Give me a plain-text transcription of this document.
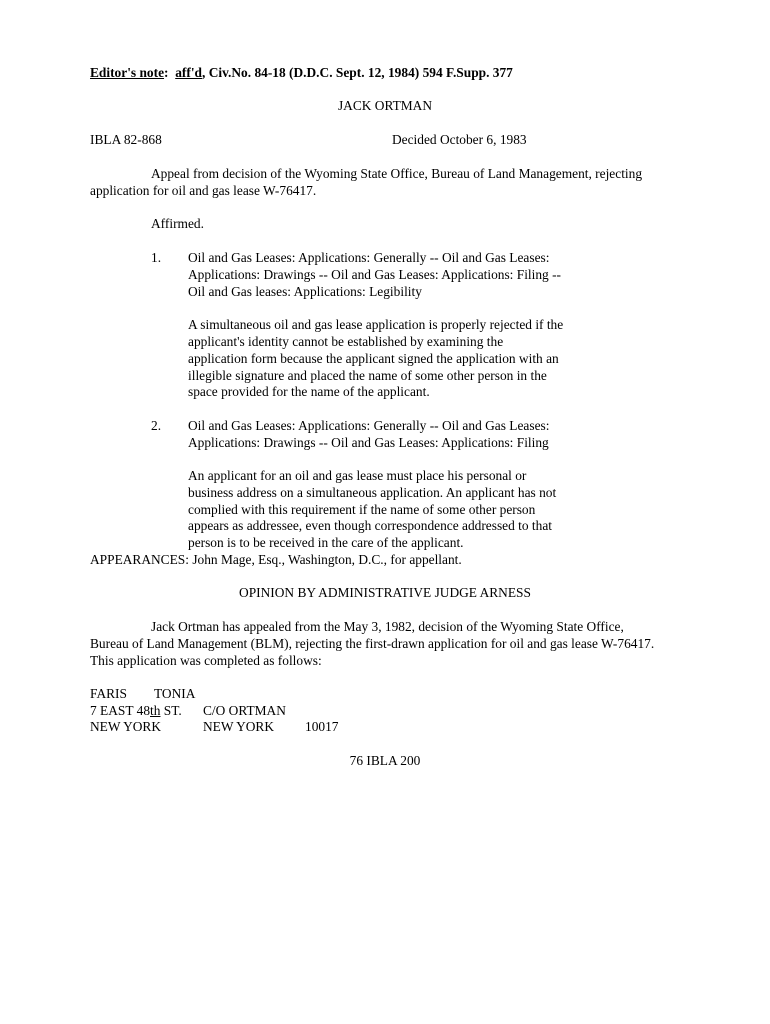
Editor's note: aff'd, Civ.No. 84-18 (D.D.C. Sept. 12, 1984) 594 F.Supp. 377
JACK ORTMAN
IBLA 82-868	Decided October 6, 1983
Appeal from decision of the Wyoming State Office, Bureau of Land Management, rejecting
application for oil and gas lease W-76417.
Affirmed.
1. Oil and Gas Leases: Applications: Generally -- Oil and Gas Leases:
Applications: Drawings -- Oil and Gas Leases: Applications: Filing --
Oil and Gas leases: Applications: Legibility
A simultaneous oil and gas lease application is properly rejected if the
applicant's identity cannot be established by examining the
application form because the applicant signed the application with an
illegible signature and placed the name of some other person in the
space provided for the name of the applicant.
2. Oil and Gas Leases: Applications: Generally -- Oil and Gas Leases:
Applications: Drawings -- Oil and Gas Leases: Applications: Filing
An applicant for an oil and gas lease must place his personal or
business address on a simultaneous application. An applicant has not
complied with this requirement if the name of some other person
appears as addressee, even though correspondence addressed to that
person is to be received in the care of the applicant.
APPEARANCES: John Mage, Esq., Washington, D.C., for appellant.
OPINION BY ADMINISTRATIVE JUDGE ARNESS
Jack Ortman has appealed from the May 3, 1982, decision of the Wyoming State Office,
Bureau of Land Management (BLM), rejecting the first-drawn application for oil and gas lease W-76417.
This application was completed as follows:
FARIS TONIA
7 EAST 48th ST. C/O ORTMAN
NEW YORK	NEW YORK 10017
76 IBLA 200
